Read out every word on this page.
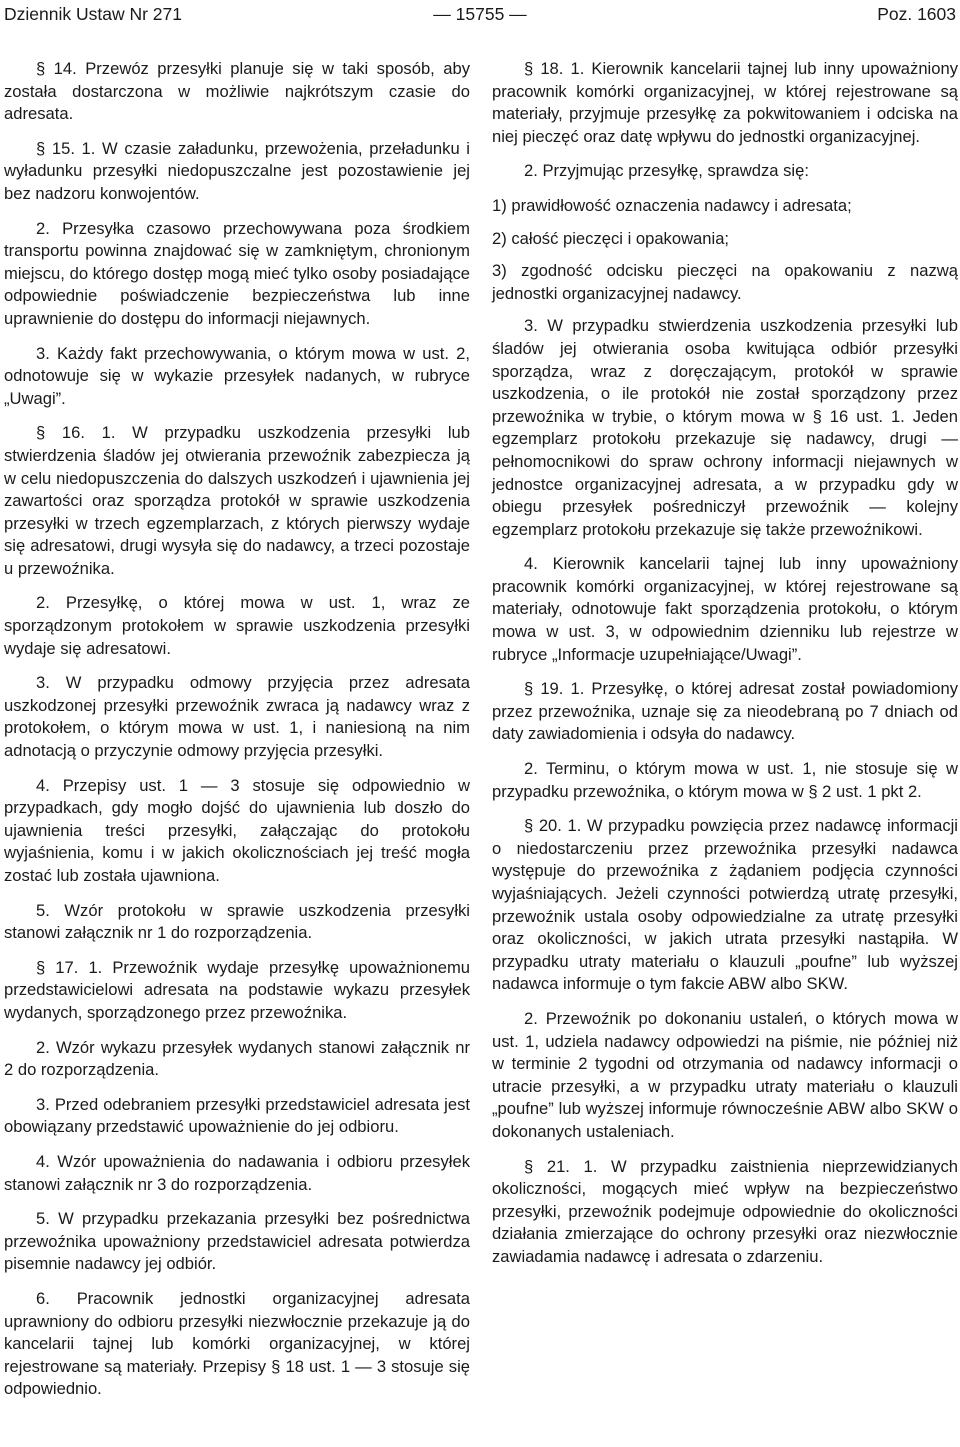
Dziennik Ustaw Nr 271	— 15755 —	Poz. 1603

§ 14. Przewóz przesyłki planuje się w taki sposób, aby została dostarczona w możliwie najkrótszym czasie do adresata.

§ 15. 1. W czasie załadunku, przewożenia, przeładunku i wyładunku przesyłki niedopuszczalne jest pozostawienie jej bez nadzoru konwojentów.

2. Przesyłka czasowo przechowywana poza środkiem transportu powinna znajdować się w zamkniętym, chronionym miejscu, do którego dostęp mogą mieć tylko osoby posiadające odpowiednie poświadczenie bezpieczeństwa lub inne uprawnienie do dostępu do informacji niejawnych.

3. Każdy fakt przechowywania, o którym mowa w ust. 2, odnotowuje się w wykazie przesyłek nadanych, w rubryce „Uwagi”.

§ 16. 1. W przypadku uszkodzenia przesyłki lub stwierdzenia śladów jej otwierania przewoźnik zabezpiecza ją w celu niedopuszczenia do dalszych uszkodzeń i ujawnienia jej zawartości oraz sporządza protokół w sprawie uszkodzenia przesyłki w trzech egzemplarzach, z których pierwszy wydaje się adresatowi, drugi wysyła się do nadawcy, a trzeci pozostaje u przewoźnika.

2. Przesyłkę, o której mowa w ust. 1, wraz ze sporządzonym protokołem w sprawie uszkodzenia przesyłki wydaje się adresatowi.

3. W przypadku odmowy przyjęcia przez adresata uszkodzonej przesyłki przewoźnik zwraca ją nadawcy wraz z protokołem, o którym mowa w ust. 1, i naniesioną na nim adnotacją o przyczynie odmowy przyjęcia przesyłki.

4. Przepisy ust. 1 — 3 stosuje się odpowiednio w przypadkach, gdy mogło dojść do ujawnienia lub doszło do ujawnienia treści przesyłki, załączając do protokołu wyjaśnienia, komu i w jakich okolicznościach jej treść mogła zostać lub została ujawniona.

5. Wzór protokołu w sprawie uszkodzenia przesyłki stanowi załącznik nr 1 do rozporządzenia.

§ 17. 1. Przewoźnik wydaje przesyłkę upoważnionemu przedstawicielowi adresata na podstawie wykazu przesyłek wydanych, sporządzonego przez przewoźnika.

2. Wzór wykazu przesyłek wydanych stanowi załącznik nr 2 do rozporządzenia.

3. Przed odebraniem przesyłki przedstawiciel adresata jest obowiązany przedstawić upoważnienie do jej odbioru.

4. Wzór upoważnienia do nadawania i odbioru przesyłek stanowi załącznik nr 3 do rozporządzenia.

5. W przypadku przekazania przesyłki bez pośrednictwa przewoźnika upoważniony przedstawiciel adresata potwierdza pisemnie nadawcy jej odbiór.

6. Pracownik jednostki organizacyjnej adresata uprawniony do odbioru przesyłki niezwłocznie przekazuje ją do kancelarii tajnej lub komórki organizacyjnej, w której rejestrowane są materiały. Przepisy § 18 ust. 1 — 3 stosuje się odpowiednio.

§ 18. 1. Kierownik kancelarii tajnej lub inny upoważniony pracownik komórki organizacyjnej, w której rejestrowane są materiały, przyjmuje przesyłkę za pokwitowaniem i odciska na niej pieczęć oraz datę wpływu do jednostki organizacyjnej.

2. Przyjmując przesyłkę, sprawdza się:

1) prawidłowość oznaczenia nadawcy i adresata;

2) całość pieczęci i opakowania;

3) zgodność odcisku pieczęci na opakowaniu z nazwą jednostki organizacyjnej nadawcy.

3. W przypadku stwierdzenia uszkodzenia przesyłki lub śladów jej otwierania osoba kwitująca odbiór przesyłki sporządza, wraz z doręczającym, protokół w sprawie uszkodzenia, o ile protokół nie został sporządzony przez przewoźnika w trybie, o którym mowa w § 16 ust. 1. Jeden egzemplarz protokołu przekazuje się nadawcy, drugi — pełnomocnikowi do spraw ochrony informacji niejawnych w jednostce organizacyjnej adresata, a w przypadku gdy w obiegu przesyłek pośredniczył przewoźnik — kolejny egzemplarz protokołu przekazuje się także przewoźnikowi.

4. Kierownik kancelarii tajnej lub inny upoważniony pracownik komórki organizacyjnej, w której rejestrowane są materiały, odnotowuje fakt sporządzenia protokołu, o którym mowa w ust. 3, w odpowiednim dzienniku lub rejestrze w rubryce „Informacje uzupełniające/Uwagi”.

§ 19. 1. Przesyłkę, o której adresat został powiadomiony przez przewoźnika, uznaje się za nieodebraną po 7 dniach od daty zawiadomienia i odsyła do nadawcy.

2. Terminu, o którym mowa w ust. 1, nie stosuje się w przypadku przewoźnika, o którym mowa w § 2 ust. 1 pkt 2.

§ 20. 1. W przypadku powzięcia przez nadawcę informacji o niedostarczeniu przez przewoźnika przesyłki nadawca występuje do przewoźnika z żądaniem podjęcia czynności wyjaśniających. Jeżeli czynności potwierdzą utratę przesyłki, przewoźnik ustala osoby odpowiedzialne za utratę przesyłki oraz okoliczności, w jakich utrata przesyłki nastąpiła. W przypadku utraty materiału o klauzuli „poufne” lub wyższej nadawca informuje o tym fakcie ABW albo SKW.

2. Przewoźnik po dokonaniu ustaleń, o których mowa w ust. 1, udziela nadawcy odpowiedzi na piśmie, nie później niż w terminie 2 tygodni od otrzymania od nadawcy informacji o utracie przesyłki, a w przypadku utraty materiału o klauzuli „poufne” lub wyższej informuje równocześnie ABW albo SKW o dokonanych ustaleniach.

§ 21. 1. W przypadku zaistnienia nieprzewidzianych okoliczności, mogących mieć wpływ na bezpieczeństwo przesyłki, przewoźnik podejmuje odpowiednie do okoliczności działania zmierzające do ochrony przesyłki oraz niezwłocznie zawiadamia nadawcę i adresata o zdarzeniu.
